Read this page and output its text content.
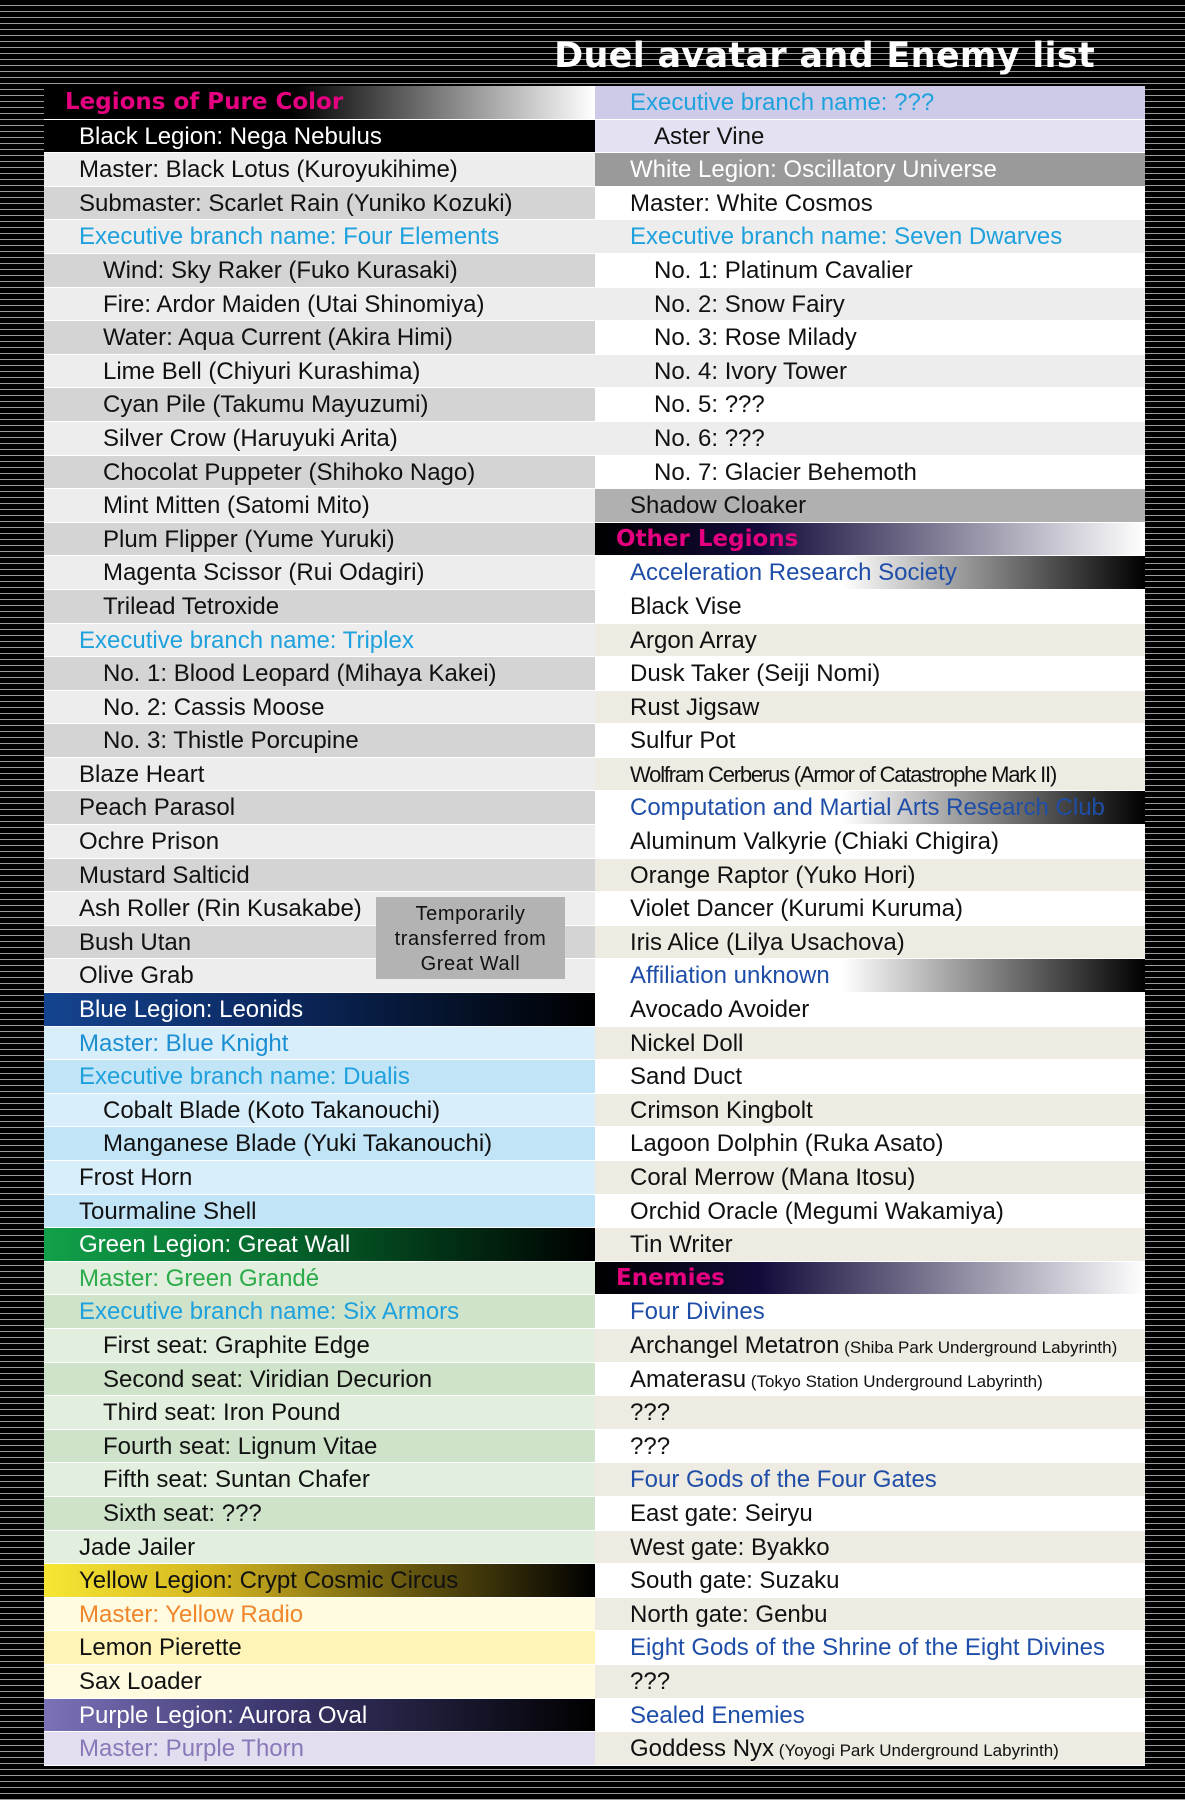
Duel avatar and Enemy list
Legions of Pure Color
Black Legion: Nega Nebulus
Master: Black Lotus (Kuroyukihime)
Submaster: Scarlet Rain (Yuniko Kozuki)
Executive branch name: Four Elements
Wind: Sky Raker (Fuko Kurasaki)
Fire: Ardor Maiden (Utai Shinomiya)
Water: Aqua Current (Akira Himi)
Lime Bell (Chiyuri Kurashima)
Cyan Pile (Takumu Mayuzumi)
Silver Crow (Haruyuki Arita)
Chocolat Puppeter (Shihoko Nago)
Mint Mitten (Satomi Mito)
Plum Flipper (Yume Yuruki)
Magenta Scissor (Rui Odagiri)
Trilead Tetroxide
Executive branch name: Triplex
No. 1: Blood Leopard (Mihaya Kakei)
No. 2: Cassis Moose
No. 3: Thistle Porcupine
Blaze Heart
Peach Parasol
Ochre Prison
Mustard Salticid
Ash Roller (Rin Kusakabe)
Bush Utan
Olive Grab
Blue Legion: Leonids
Master: Blue Knight
Executive branch name: Dualis
Cobalt Blade (Koto Takanouchi)
Manganese Blade (Yuki Takanouchi)
Frost Horn
Tourmaline Shell
Green Legion: Great Wall
Master: Green Grandé
Executive branch name: Six Armors
First seat: Graphite Edge
Second seat: Viridian Decurion
Third seat: Iron Pound
Fourth seat: Lignum Vitae
Fifth seat: Suntan Chafer
Sixth seat: ???
Jade Jailer
Yellow Legion: Crypt Cosmic Circus
Master: Yellow Radio
Lemon Pierette
Sax Loader
Purple Legion: Aurora Oval
Master: Purple Thorn
Executive branch name: ???
Aster Vine
White Legion: Oscillatory Universe
Master: White Cosmos
Executive branch name: Seven Dwarves
No. 1: Platinum Cavalier
No. 2: Snow Fairy
No. 3: Rose Milady
No. 4: Ivory Tower
No. 5: ???
No. 6: ???
No. 7: Glacier Behemoth
Shadow Cloaker
Other Legions
Acceleration Research Society
Black Vise
Argon Array
Dusk Taker (Seiji Nomi)
Rust Jigsaw
Sulfur Pot
Wolfram Cerberus (Armor of Catastrophe Mark II)
Computation and Martial Arts Research Club
Aluminum Valkyrie (Chiaki Chigira)
Orange Raptor (Yuko Hori)
Violet Dancer (Kurumi Kuruma)
Iris Alice (Lilya Usachova)
Affiliation unknown
Avocado Avoider
Nickel Doll
Sand Duct
Crimson Kingbolt
Lagoon Dolphin (Ruka Asato)
Coral Merrow (Mana Itosu)
Orchid Oracle (Megumi Wakamiya)
Tin Writer
Enemies
Four Divines
Archangel Metatron (Shiba Park Underground Labyrinth)
Amaterasu (Tokyo Station Underground Labyrinth)
???
???
Four Gods of the Four Gates
East gate: Seiryu
West gate: Byakko
South gate: Suzaku
North gate: Genbu
Eight Gods of the Shrine of the Eight Divines
???
Sealed Enemies
Goddess Nyx (Yoyogi Park Underground Labyrinth)
Temporarily
transferred from
Great Wall
